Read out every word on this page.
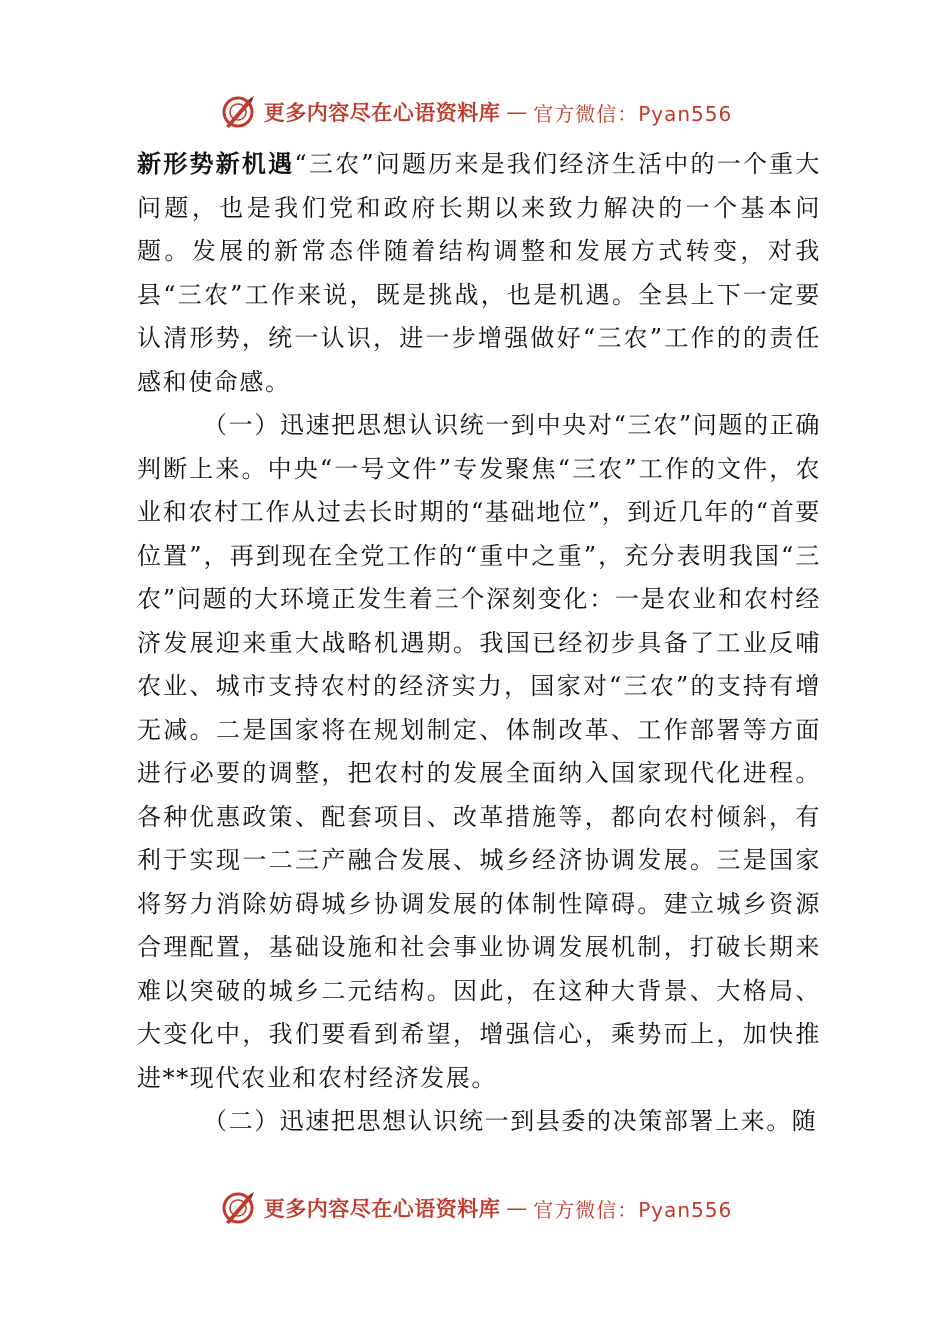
更多内容尽在心语资料库 — 官方微信：Pyan556

新形势新机遇“三农”问题历来是我们经济生活中的一个重大问题，也是我们党和政府长期以来致力解决的一个基本问题。发展的新常态伴随着结构调整和发展方式转变，对我县“三农”工作来说，既是挑战，也是机遇。全县上下一定要认清形势，统一认识，进一步增强做好“三农”工作的的责任感和使命感。

（一）迅速把思想认识统一到中央对“三农”问题的正确判断上来。中央“一号文件”专发聚焦“三农”工作的文件，农业和农村工作从过去长时期的“基础地位”，到近几年的“首要位置”，再到现在全党工作的“重中之重”，充分表明我国“三农”问题的大环境正发生着三个深刻变化：一是农业和农村经济发展迎来重大战略机遇期。我国已经初步具备了工业反哺农业、城市支持农村的经济实力，国家对“三农”的支持有增无减。二是国家将在规划制定、体制改革、工作部署等方面进行必要的调整，把农村的发展全面纳入国家现代化进程。各种优惠政策、配套项目、改革措施等，都向农村倾斜，有利于实现一二三产融合发展、城乡经济协调发展。三是国家将努力消除妨碍城乡协调发展的体制性障碍。建立城乡资源合理配置，基础设施和社会事业协调发展机制，打破长期来难以突破的城乡二元结构。因此，在这种大背景、大格局、大变化中，我们要看到希望，增强信心，乘势而上，加快推进**现代农业和农村经济发展。

（二）迅速把思想认识统一到县委的决策部署上来。随

更多内容尽在心语资料库 — 官方微信：Pyan556
